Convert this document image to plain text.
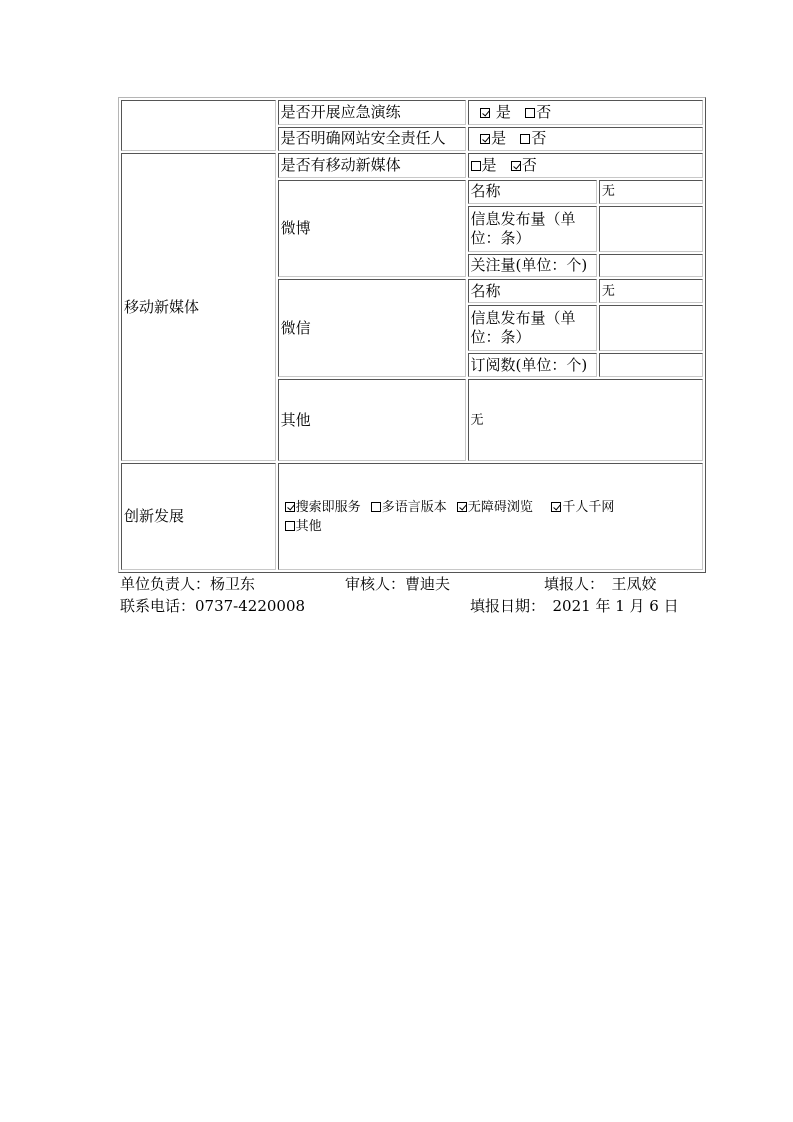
	是否开展应急演练	是 否	
	是否明确网站安全责任人	是 否	
移动新媒体	是否有移动新媒体	是 否	
	微博	名称	无
		信息发布量（单位：条）	
		关注量(单位：个)	
	微信	名称	无
		信息发布量（单位：条）	
		订阅数(单位：个)	
	其他	无	
创新发展	搜索即服务 多语言版本 无障碍浏览 千人千网
其他		
单位负责人：杨卫东	审核人：曹迪夫	填报人：　王凤姣
联系电话：0737-4220008	填报日期：　2021 年 1 月 6 日
